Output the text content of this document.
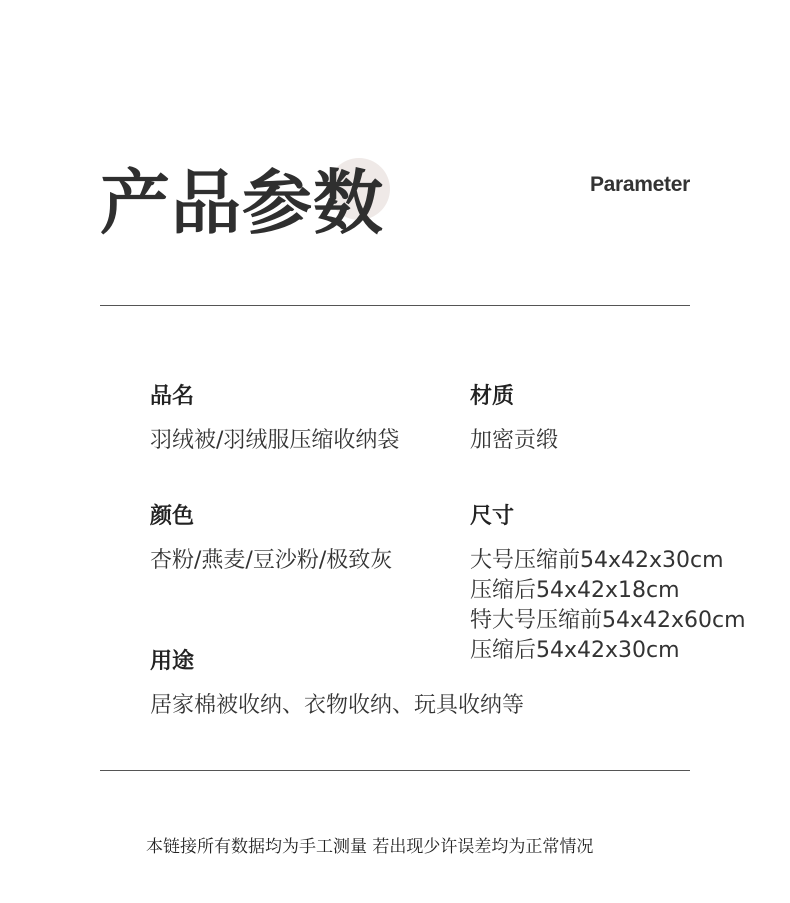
产品参数	Parameter
品名
羽绒被/羽绒服压缩收纳袋
材质
加密贡缎
颜色
杏粉/燕麦/豆沙粉/极致灰
尺寸
大号压缩前54x42x30cm
压缩后54x42x18cm
特大号压缩前54x42x60cm
压缩后54x42x30cm
用途
居家棉被收纳、衣物收纳、玩具收纳等
本链接所有数据均为手工测量 若出现少许误差均为正常情况
